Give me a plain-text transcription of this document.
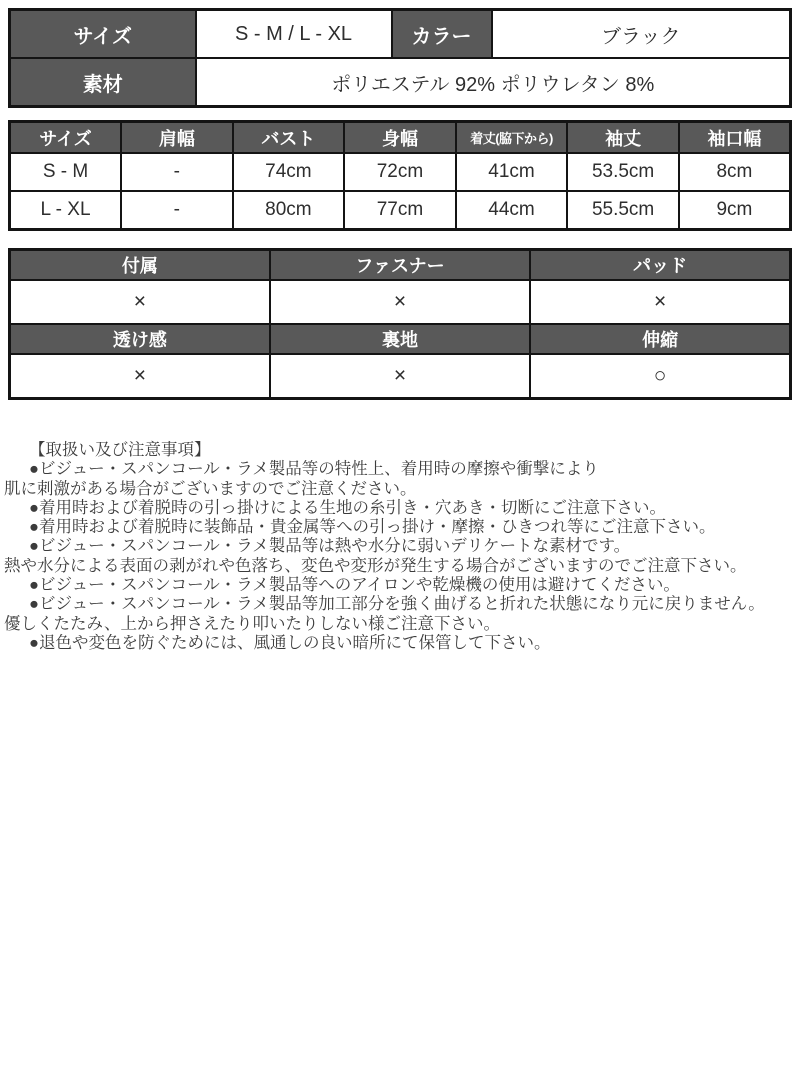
サイズ	S - M / L - XL	カラー	ブラック
素材	ポリエステル 92% ポリウレタン 8%		
サイズ	肩幅	バスト	身幅	着丈(脇下から)	袖丈	袖口幅
S - M	-	74cm	72cm	41cm	53.5cm	8cm
L - XL	-	80cm	77cm	44cm	55.5cm	9cm
付属	ファスナー	パッド
×	×	×
透け感	裏地	伸縮
×	×	○
【取扱い及び注意事項】
●ビジュー・スパンコール・ラメ製品等の特性上、着用時の摩擦や衝撃により
肌に刺激がある場合がございますのでご注意ください。
●着用時および着脱時の引っ掛けによる生地の糸引き・穴あき・切断にご注意下さい。
●着用時および着脱時に装飾品・貴金属等への引っ掛け・摩擦・ひきつれ等にご注意下さい。
●ビジュー・スパンコール・ラメ製品等は熱や水分に弱いデリケートな素材です。
熱や水分による表面の剥がれや色落ち、変色や変形が発生する場合がございますのでご注意下さい。
●ビジュー・スパンコール・ラメ製品等へのアイロンや乾燥機の使用は避けてください。
●ビジュー・スパンコール・ラメ製品等加工部分を強く曲げると折れた状態になり元に戻りません。
優しくたたみ、上から押さえたり叩いたりしない様ご注意下さい。
●退色や変色を防ぐためには、風通しの良い暗所にて保管して下さい。
